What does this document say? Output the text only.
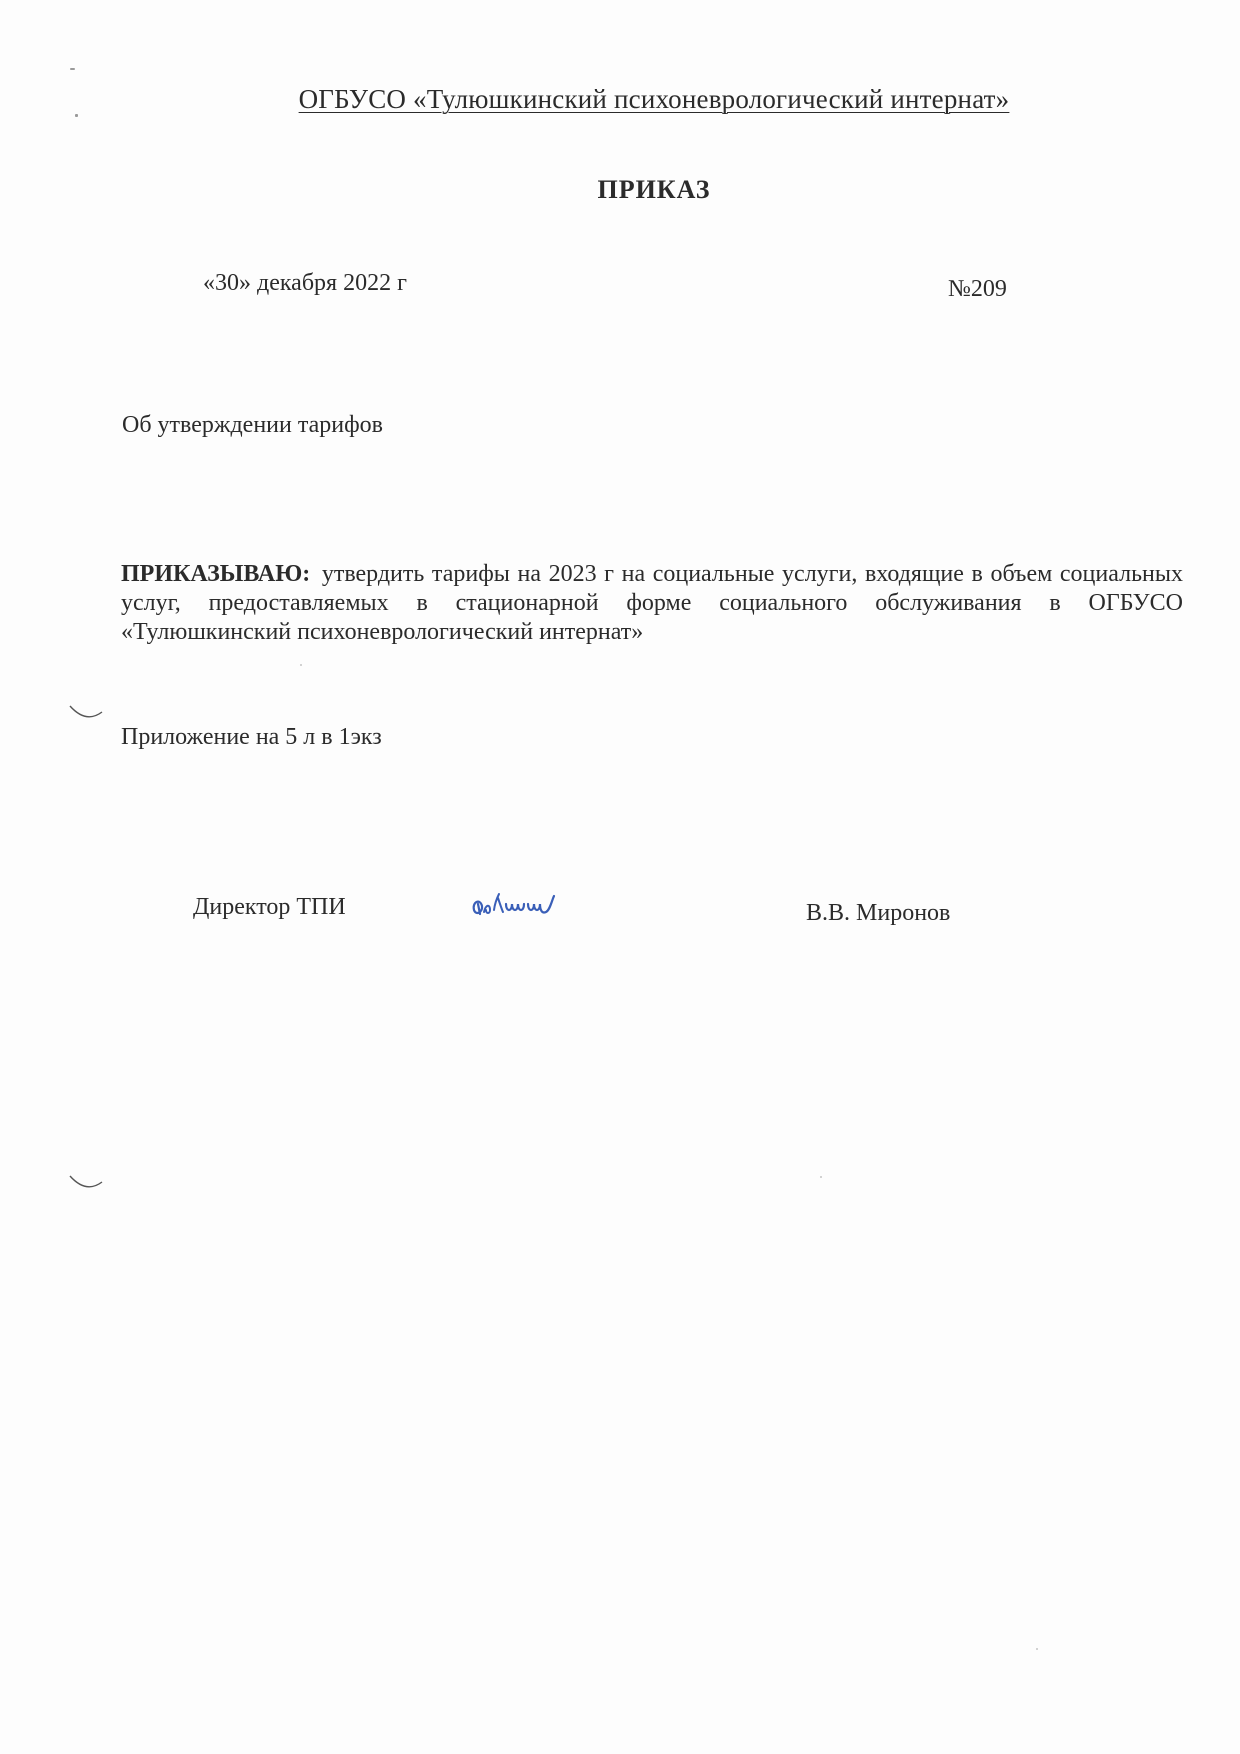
ОГБУСО «Тулюшкинский психоневрологический интернат»
ПРИКАЗ
«30» декабря 2022 г	№209
Об утверждении тарифов
ПРИКАЗЫВАЮ: утвердить тарифы на 2023 г на социальные услуги, входящие в объем социальных услуг, предоставляемых в стационарной форме социального обслуживания в ОГБУСО «Тулюшкинский психоневрологический интернат»
Приложение на 5 л в 1экз
Директор ТПИ	В.В. Миронов
